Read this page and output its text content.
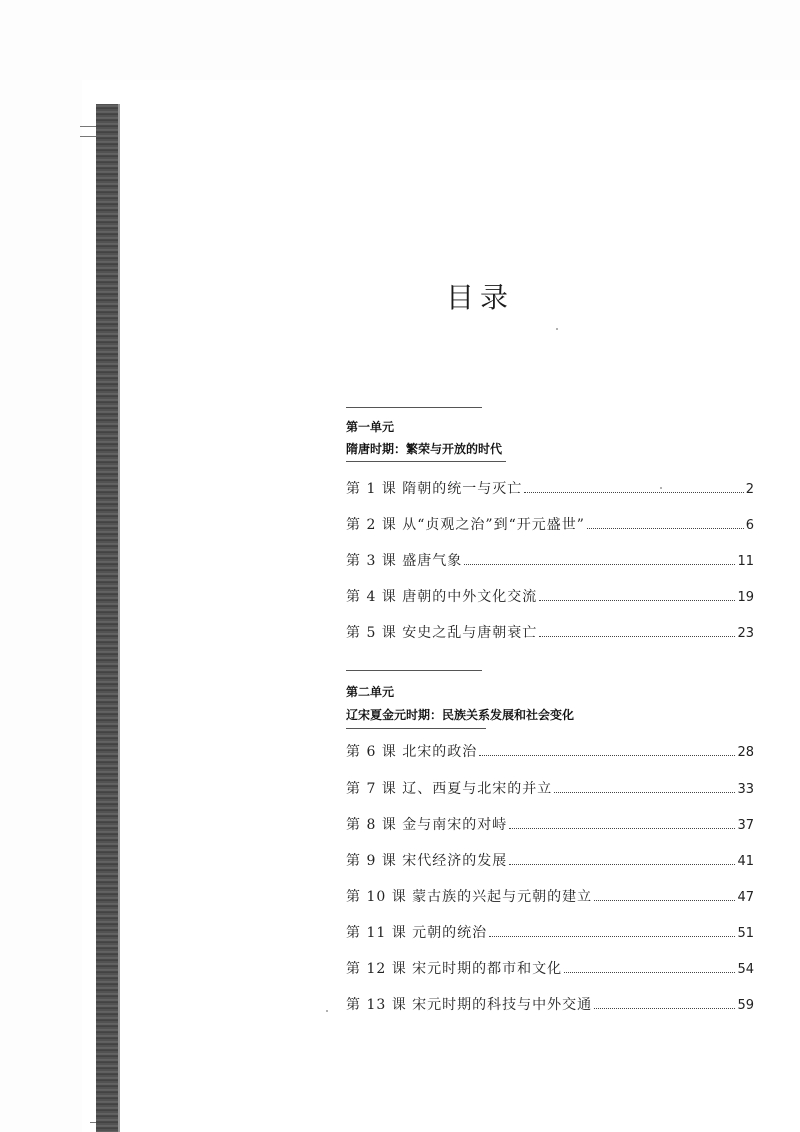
目录
第一单元
隋唐时期：繁荣与开放的时代
第 1 课 隋朝的统一与灭亡	2
第 2 课 从“贞观之治”到“开元盛世”	6
第 3 课 盛唐气象	11
第 4 课 唐朝的中外文化交流	19
第 5 课 安史之乱与唐朝衰亡	23
第二单元
辽宋夏金元时期：民族关系发展和社会变化
第 6 课 北宋的政治	28
第 7 课 辽、西夏与北宋的并立	33
第 8 课 金与南宋的对峙	37
第 9 课 宋代经济的发展	41
第 10 课 蒙古族的兴起与元朝的建立	47
第 11 课 元朝的统治	51
第 12 课 宋元时期的都市和文化	54
第 13 课 宋元时期的科技与中外交通	59
